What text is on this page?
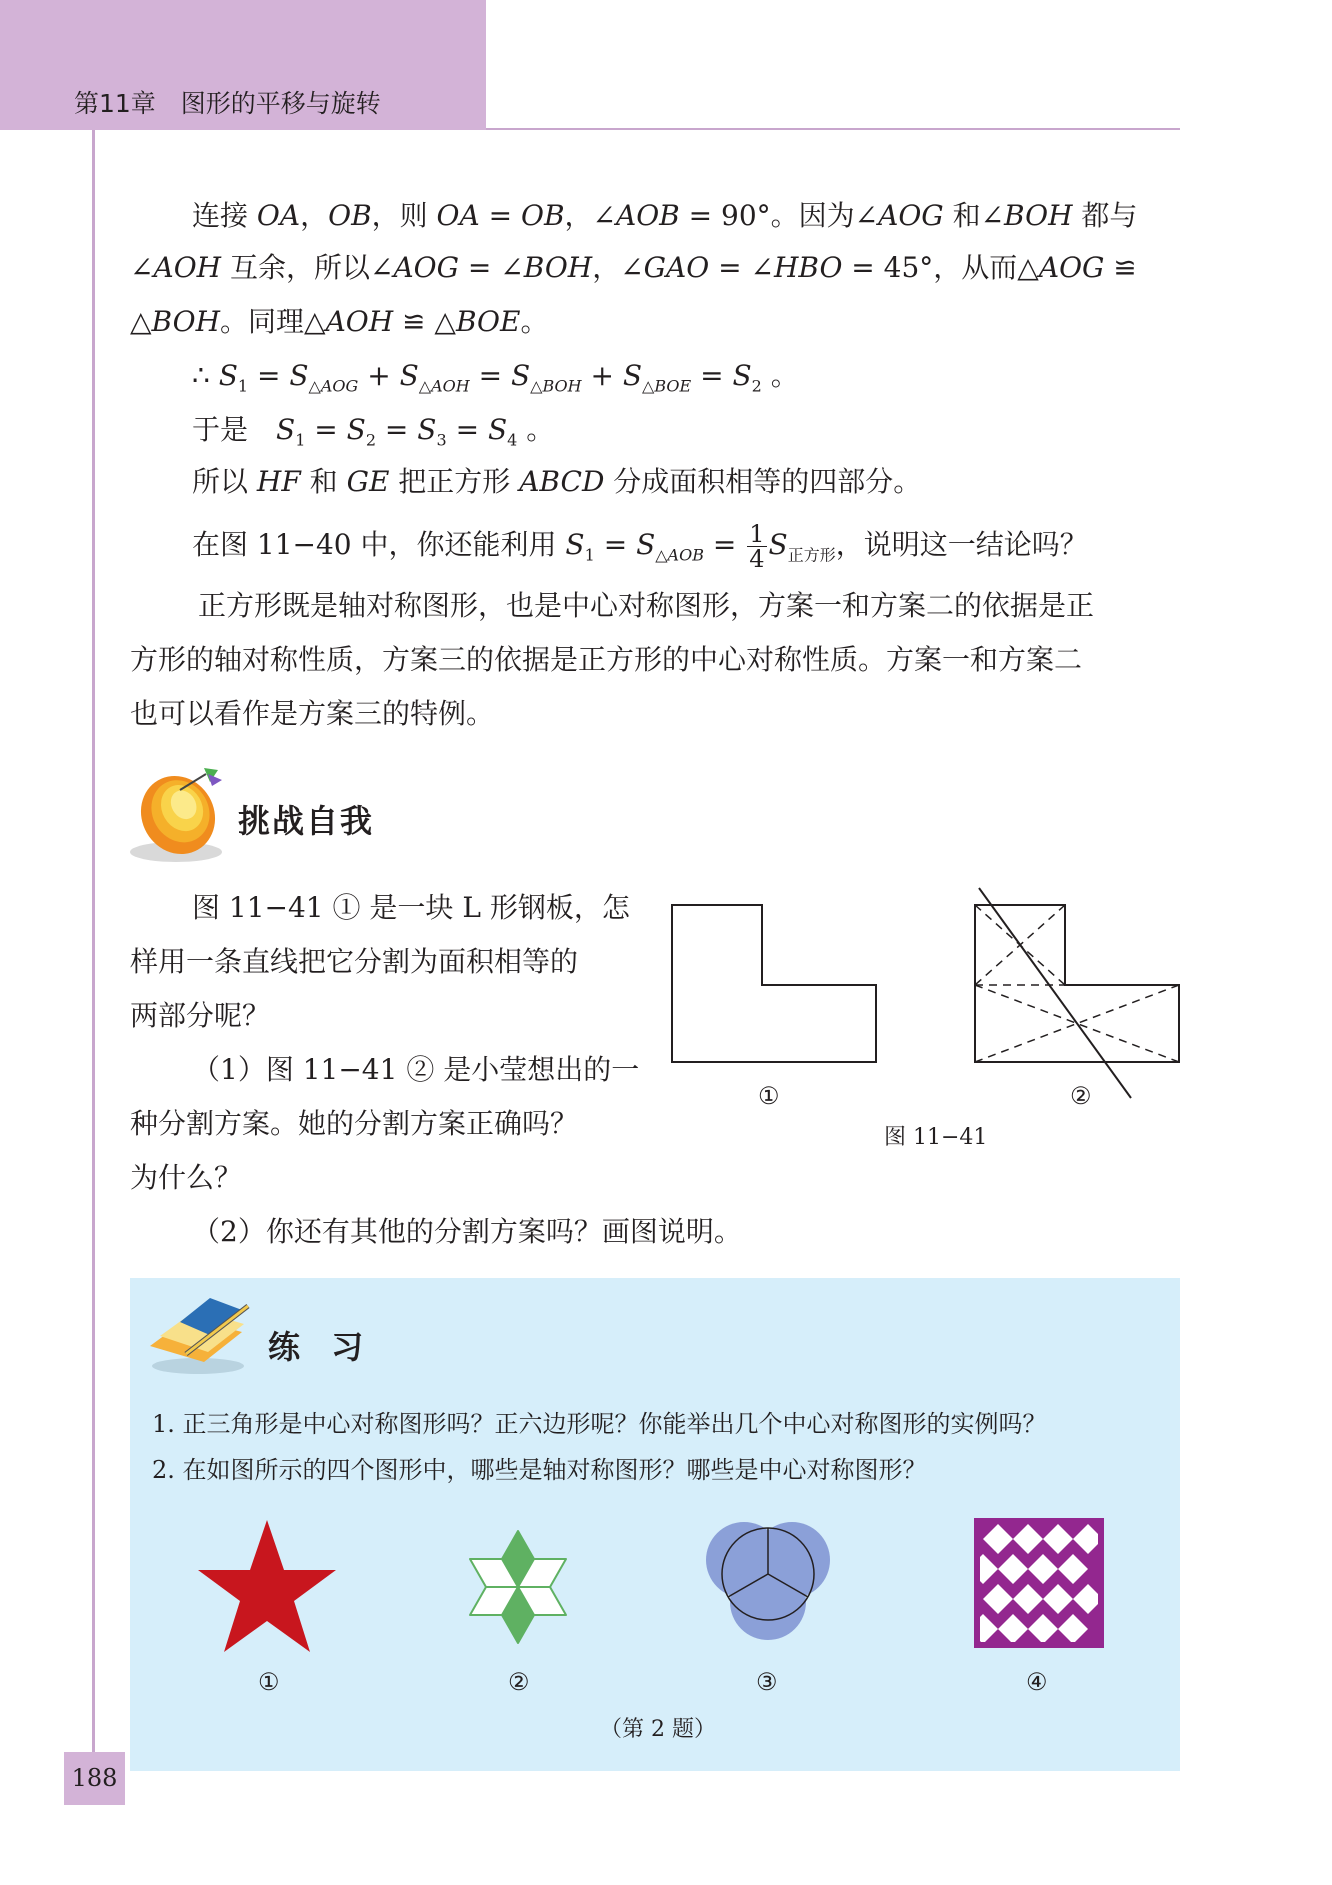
第11章　图形的平移与旋转
连接 OA，OB，则 OA = OB，∠AOB = 90°。因为∠AOG 和∠BOH 都与
∠AOH 互余，所以∠AOG = ∠BOH，∠GAO = ∠HBO = 45°，从而△AOG ≌
△BOH。同理△AOH ≌ △BOE。
∴ $S_1 = S_{\triangle AOG} + S_{\triangle AOH} = S_{\triangle BOH} + S_{\triangle BOE} = S_2$ 。
于是　$S_1 = S_2 = S_3 = S_4$ 。
所以 HF 和 GE 把正方形 ABCD 分成面积相等的四部分。
在图 11−40 中，你还能利用 $S_1 = S_{\triangle AOB} = \frac{1}{4} S_{正方形}$，说明这一结论吗？
正方形既是轴对称图形，也是中心对称图形，方案一和方案二的依据是正
方形的轴对称性质，方案三的依据是正方形的中心对称性质。方案一和方案二
也可以看作是方案三的特例。
挑战自我
图 11−41 ① 是一块 L 形钢板，怎
样用一条直线把它分割为面积相等的
两部分呢？
（1）图 11−41 ② 是小莹想出的一
种分割方案。她的分割方案正确吗？
为什么？
（2）你还有其他的分割方案吗？画图说明。
①	②
图 11−41
练 习
1. 正三角形是中心对称图形吗？正六边形呢？你能举出几个中心对称图形的实例吗？
2. 在如图所示的四个图形中，哪些是轴对称图形？哪些是中心对称图形？
①	②	③	④
（第 2 题）
188
